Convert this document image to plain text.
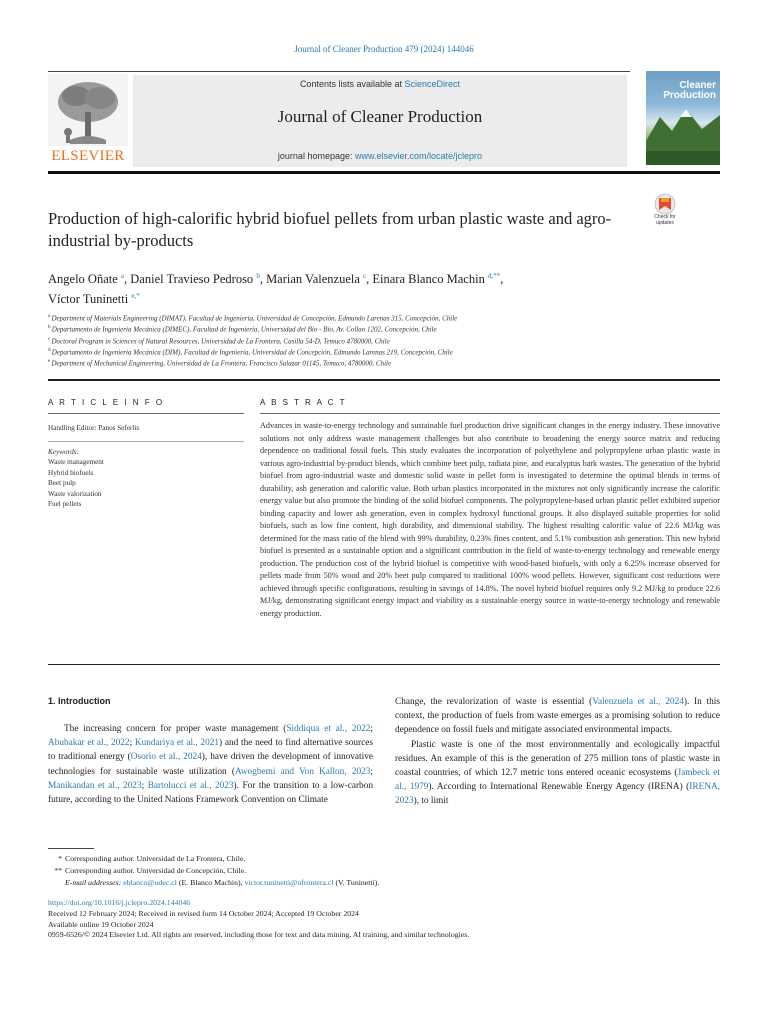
Journal of Cleaner Production 479 (2024) 144046
ELSEVIER
Contents lists available at ScienceDirect
Journal of Cleaner Production
journal homepage: www.elsevier.com/locate/jclepro
Cleaner
Production
Production of high-calorific hybrid biofuel pellets from urban plastic waste and agro-industrial by-products
Check for
updates
Angelo Oñate $^a$, Daniel Travieso Pedroso $^b$, Marian Valenzuela $^c$, Einara Blanco Machin $^{d,**}$,
Víctor Tuninetti $^{e,*}$
$^a$ Department of Materials Engineering (DIMAT), Facultad de Ingeniería, Universidad de Concepción, Edmundo Larenas 315, Concepción, Chile
$^b$ Departamento de Ingeniería Mecánica (DIMEC), Facultad de Ingeniería, Universidad del Bío - Bío, Av. Collao 1202, Concepción, Chile
$^c$ Doctoral Program in Sciences of Natural Resources, Universidad de La Frontera, Casilla 54-D, Temuco 4780000, Chile
$^d$ Departamento de Ingeniería Mecánica (DIM), Facultad de Ingeniería, Universidad de Concepción, Edmundo Larenas 219, Concepción, Chile
$^e$ Department of Mechanical Engineering, Universidad de La Frontera, Francisco Salazar 01145, Temuco, 4780000, Chile
A R T I C L E I N F O	A B S T R A C T
Handling Editor: Panos Seferlis
Keywords:
Waste management
Hybrid biofuels
Beet pulp
Waste valorization
Fuel pellets
Advances in waste-to-energy technology and sustainable fuel production drive significant changes in the energy industry. These innovative solutions not only address waste management challenges but also contribute to broadening the energy source matrix and reducing dependence on traditional fossil fuels. This study evaluates the incorporation of polyethylene and polypropylene urban plastic waste in various agro-industrial by-product blends, which combine beet pulp, radiata pine, and eucalyptus bark wastes. The generation of the hybrid biofuel from agro-industrial waste and domestic solid waste in pellet form is investigated to determine the optimal blends in terms of durability, ash generation and calorific value. Both urban plastics incorporated in the mixtures not only significantly increase the calorific energy value but also promote the binding of the solid biofuel components. The polypropylene-based urban plastic pellet exhibited superior binding capacity and lower ash generation, even in complex hydroxyl functional groups. It also displayed suitable properties for solid biofuels, such as low fine content, high durability, and dimensional stability. The highest resulting calorific value of 22.6 MJ/kg was determined for the mass ratio of the blend with 99% durability, 0.23% fines content, and 5.1% combustion ash generation. This new hybrid biofuel is presented as a sustainable option and a significant contribution in the field of waste-to-energy technology and renewable energy production. The production cost of the hybrid biofuel is competitive with wood-based biofuels, with only a 6.25% increase observed for pellets made from 50% wood and 20% beet pulp compared to traditional 100% wood pellets. However, significant cost reductions were achieved through specific configurations, resulting in savings of 14.8%. The novel hybrid biofuel requires only 9.2 MJ/kg to produce 22.6 MJ/kg, demonstrating significant energy impact and viability as a sustainable energy source in waste-to-energy technology and renewable energy production.
1. Introduction
The increasing concern for proper waste management (Siddiqua et al., 2022; Abubakar et al., 2022; Kundariya et al., 2021) and the need to find alternative sources to traditional energy (Osorio et al., 2024), have driven the development of innovative technologies for sustainable waste utilization (Awogbemi and Von Kallon, 2023; Manikandan et al., 2023; Bartolucci et al., 2023). For the transition to a low-carbon future, according to the United Nations Framework Convention on Climate
Change, the revalorization of waste is essential (Valenzuela et al., 2024). In this context, the production of fuels from waste emerges as a promising solution to reduce dependence on fossil fuels and mitigate associated environmental impacts.
Plastic waste is one of the most environmentally and ecologically impactful residues. An example of this is the generation of 275 million tons of plastic waste in coastal countries, of which 12.7 metric tons entered oceanic ecosystems (Jambeck et al., 1979). According to International Renewable Energy Agency (IRENA) (IRENA, 2023), to limit
* Corresponding author. Universidad de La Frontera, Chile.
** Corresponding author. Universidad de Concepción, Chile.
E-mail addresses: eblanco@udec.cl (E. Blanco Machin), victor.tuninetti@ufrontera.cl (V. Tuninetti).
https://doi.org/10.1016/j.jclepro.2024.144046
Received 12 February 2024; Received in revised form 14 October 2024; Accepted 19 October 2024
Available online 19 October 2024
0959-6526/© 2024 Elsevier Ltd. All rights are reserved, including those for text and data mining, AI training, and similar technologies.
